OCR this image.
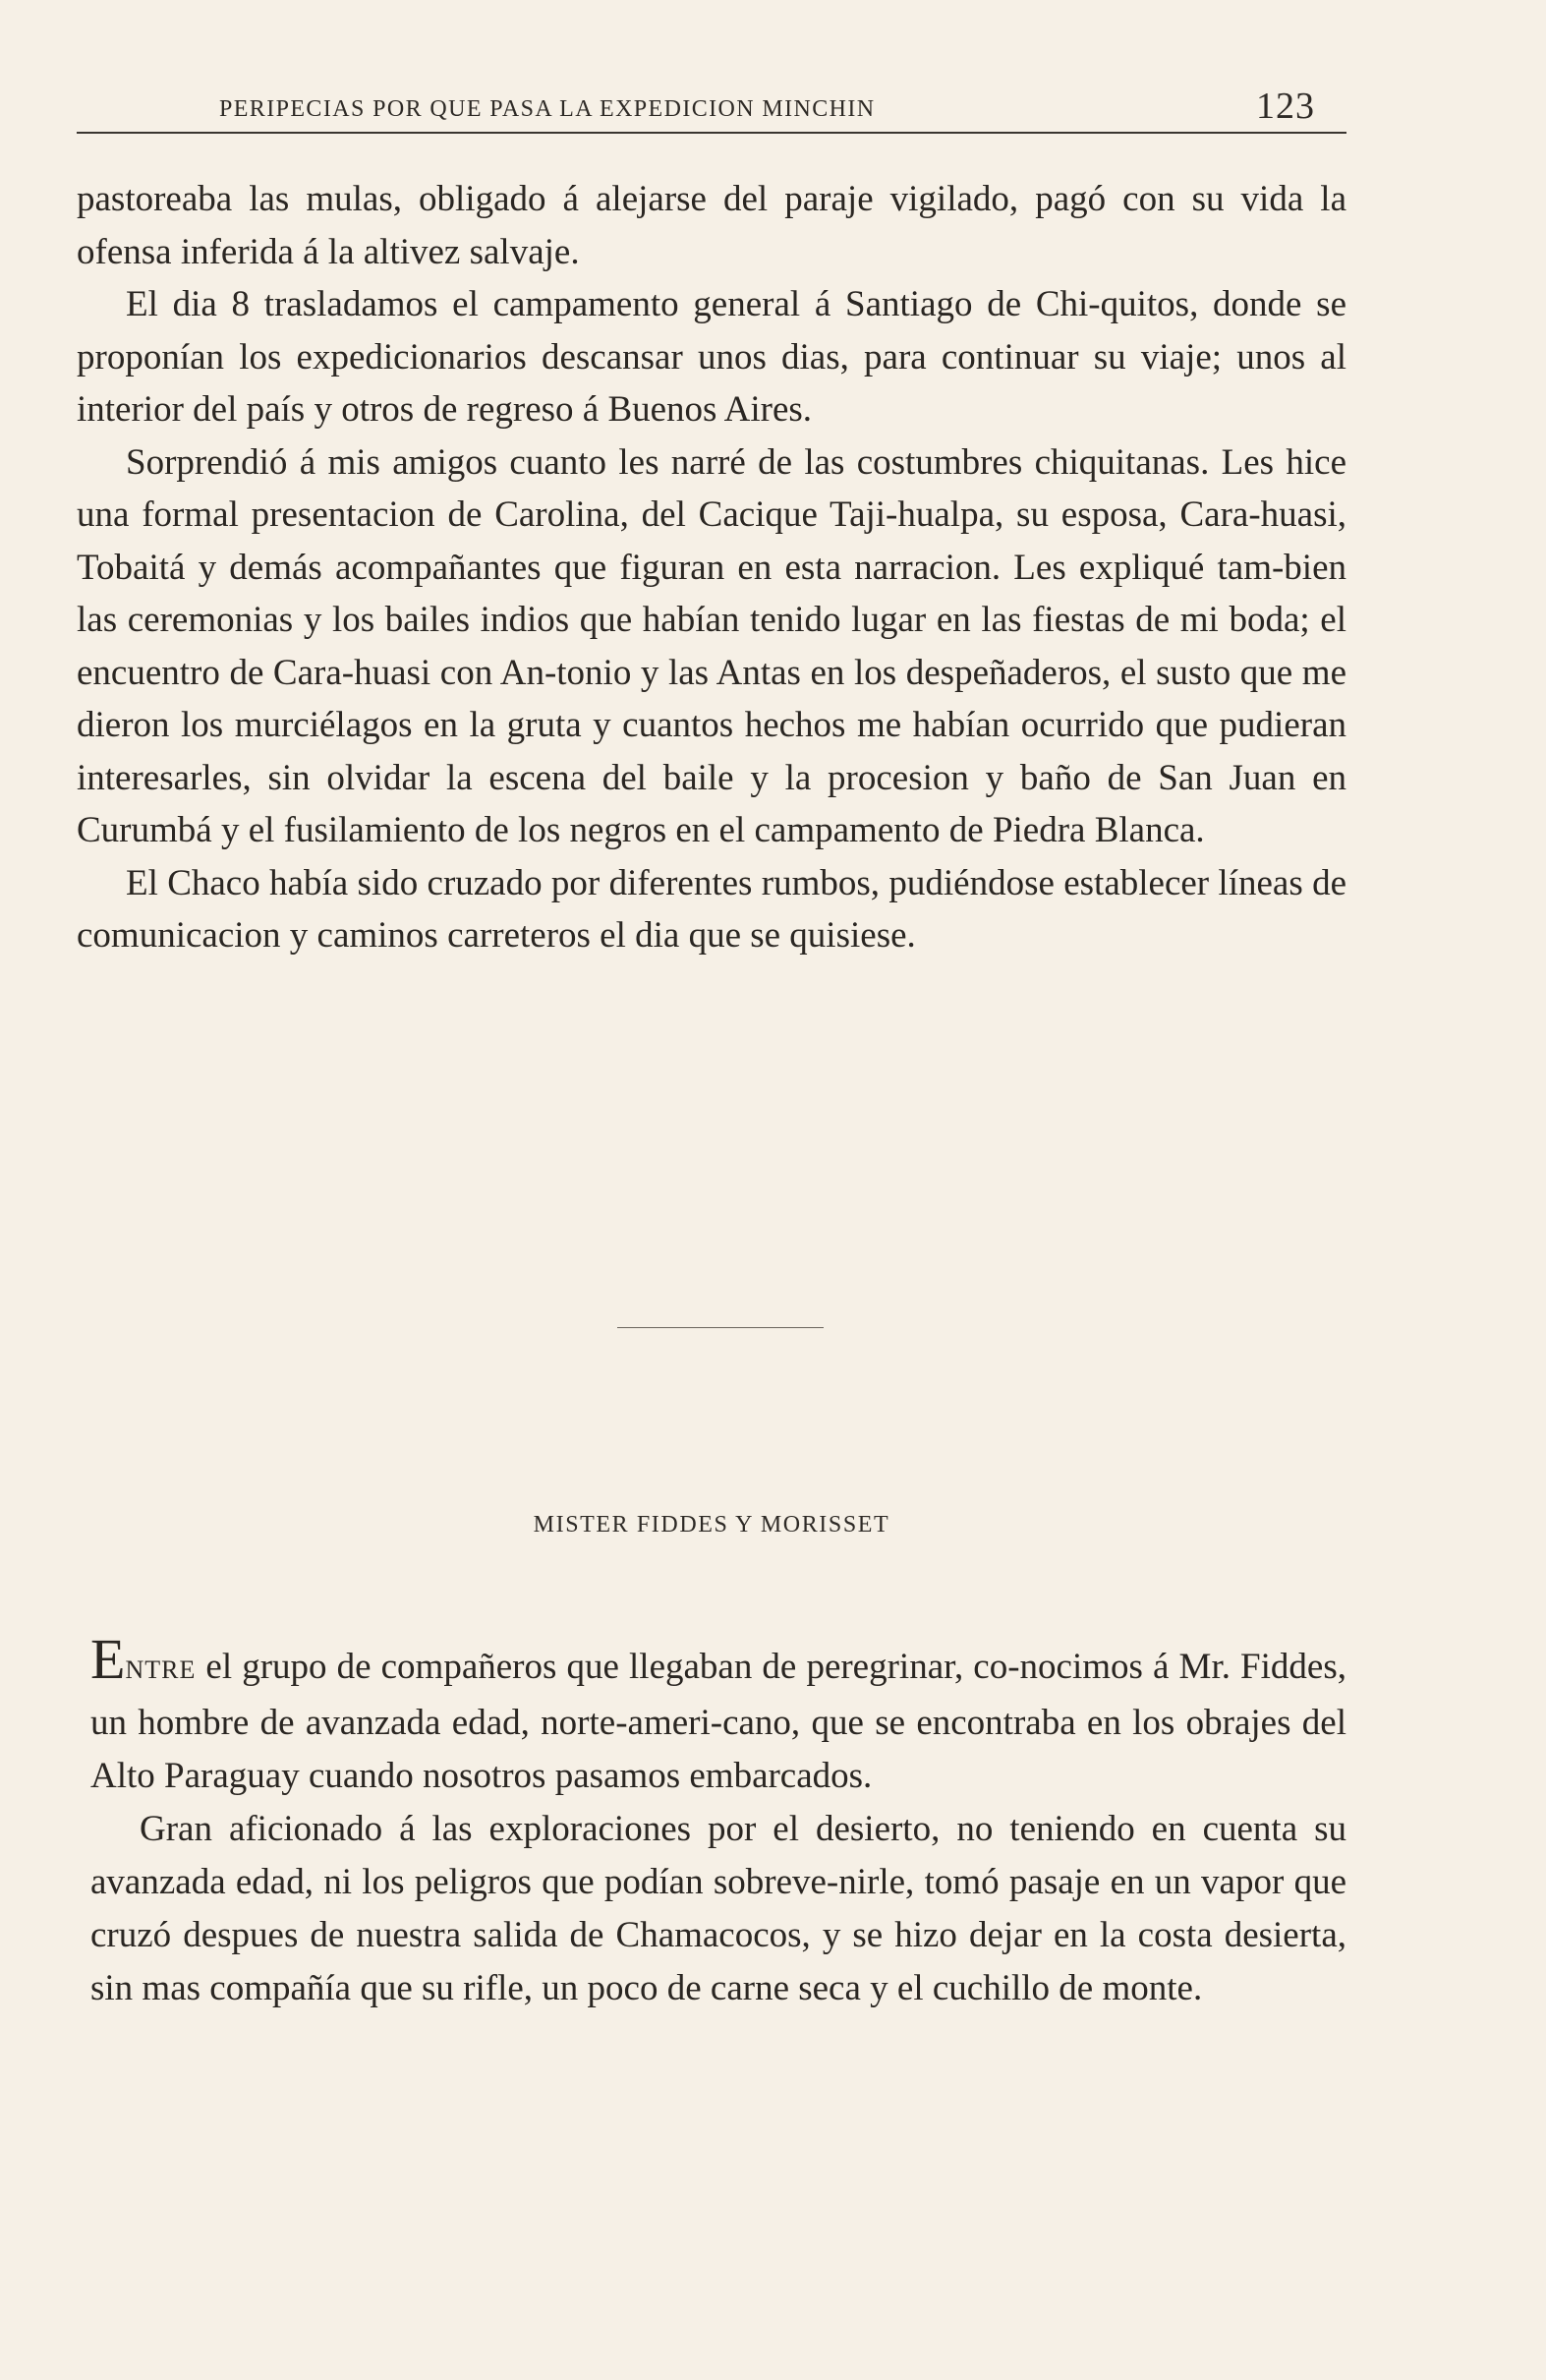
PERIPECIAS POR QUE PASA LA EXPEDICION MINCHIN	123

pastoreaba las mulas, obligado á alejarse del paraje vigilado, pagó con su vida la ofensa inferida á la altivez salvaje.

El dia 8 trasladamos el campamento general á Santiago de Chi-quitos, donde se proponían los expedicionarios descansar unos dias, para continuar su viaje; unos al interior del país y otros de regreso á Buenos Aires.

Sorprendió á mis amigos cuanto les narré de las costumbres chiquitanas. Les hice una formal presentacion de Carolina, del Cacique Taji-hualpa, su esposa, Cara-huasi, Tobaitá y demás acompañantes que figuran en esta narracion. Les expliqué tam-bien las ceremonias y los bailes indios que habían tenido lugar en las fiestas de mi boda; el encuentro de Cara-huasi con An-tonio y las Antas en los despeñaderos, el susto que me dieron los murciélagos en la gruta y cuantos hechos me habían ocurrido que pudieran interesarles, sin olvidar la escena del baile y la procesion y baño de San Juan en Curumbá y el fusilamiento de los negros en el campamento de Piedra Blanca.

El Chaco había sido cruzado por diferentes rumbos, pudiéndose establecer líneas de comunicacion y caminos carreteros el dia que se quisiese.

MISTER FIDDES Y MORISSET

ENTRE el grupo de compañeros que llegaban de peregrinar, co-nocimos á Mr. Fiddes, un hombre de avanzada edad, norte-ameri-cano, que se encontraba en los obrajes del Alto Paraguay cuando nosotros pasamos embarcados.

Gran aficionado á las exploraciones por el desierto, no teniendo en cuenta su avanzada edad, ni los peligros que podían sobreve-nirle, tomó pasaje en un vapor que cruzó despues de nuestra salida de Chamacocos, y se hizo dejar en la costa desierta, sin mas compañía que su rifle, un poco de carne seca y el cuchillo de monte.
